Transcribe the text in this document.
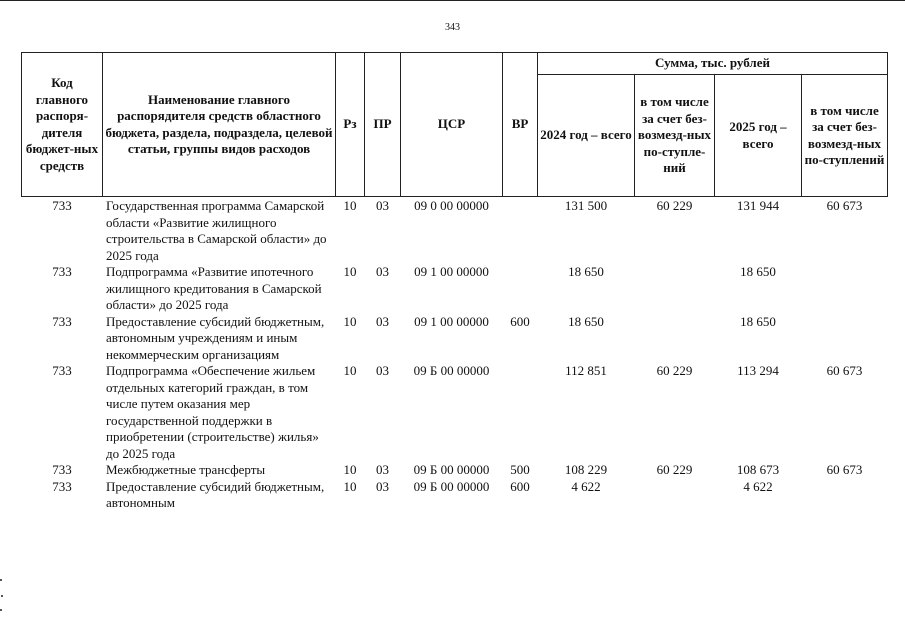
343
Код главного распоря-дителя бюджет-ных средств	Наименование главного распорядителя средств областного бюджета, раздела, подраздела, целевой статьи, группы видов расходов	Рз	ПР	ЦСР	ВР	Сумма, тыс. рублей			
						2024 год – всего	в том числе за счет без-возмезд-ных по-ступле-ний	2025 год – всего	в том числе за счет без-возмезд-ных по-ступлений
733	Государственная программа Самарской области «Развитие жилищного строительства в Самарской области» до 2025 года	10	03	09 0 00 00000		131 500	60 229	131 944	60 673
733	Подпрограмма «Развитие ипотечного жилищного кредитования в Самарской области» до 2025 года	10	03	09 1 00 00000		18 650		18 650	
733	Предоставление субсидий бюджетным, автономным учреждениям и иным некоммерческим организациям	10	03	09 1 00 00000	600	18 650		18 650	
733	Подпрограмма «Обеспечение жильем отдельных категорий граждан, в том числе путем оказания мер государственной поддержки в приобретении (строительстве) жилья» до 2025 года	10	03	09 Б 00 00000		112 851	60 229	113 294	60 673
733	Межбюджетные трансферты	10	03	09 Б 00 00000	500	108 229	60 229	108 673	60 673
733	Предоставление субсидий бюджетным, автономным	10	03	09 Б 00 00000	600	4 622		4 622	
